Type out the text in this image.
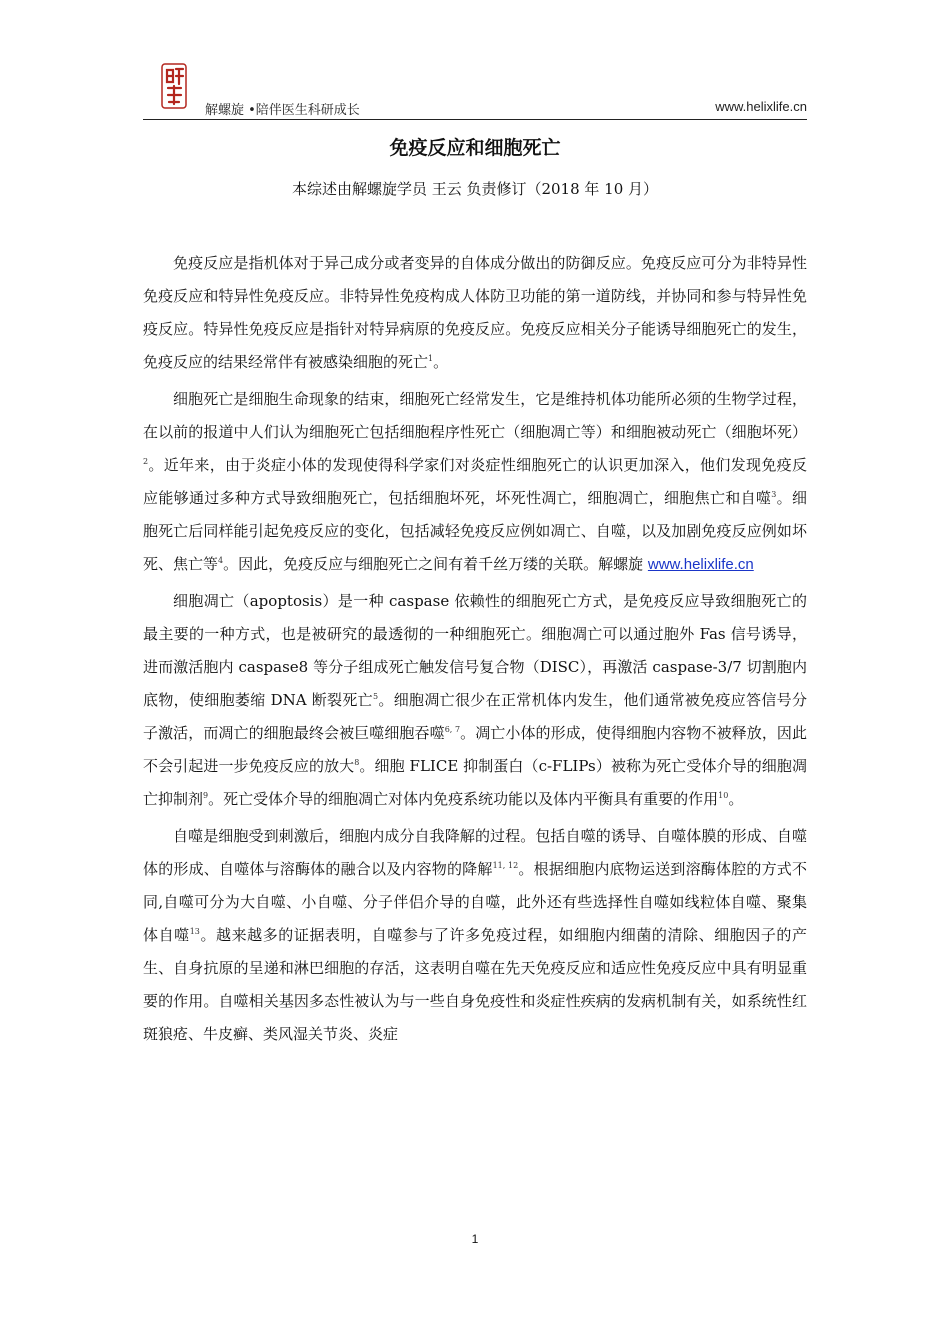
解螺旋 •陪伴医生科研成长	www.helixlife.cn
免疫反应和细胞死亡
本综述由解螺旋学员 王云 负责修订（2018 年 10 月）

免疫反应是指机体对于异己成分或者变异的自体成分做出的防御反应。免疫反应可分为非特异性免疫反应和特异性免疫反应。非特异性免疫构成人体防卫功能的第一道防线，并协同和参与特异性免疫反应。特异性免疫反应是指针对特异病原的免疫反应。免疫反应相关分子能诱导细胞死亡的发生，免疫反应的结果经常伴有被感染细胞的死亡$^1$。

细胞死亡是细胞生命现象的结束，细胞死亡经常发生，它是维持机体功能所必须的生物学过程，在以前的报道中人们认为细胞死亡包括细胞程序性死亡（细胞凋亡等）和细胞被动死亡（细胞坏死）$^2$。近年来，由于炎症小体的发现使得科学家们对炎症性细胞死亡的认识更加深入，他们发现免疫反应能够通过多种方式导致细胞死亡，包括细胞坏死，坏死性凋亡，细胞凋亡，细胞焦亡和自噬$^3$。细胞死亡后同样能引起免疫反应的变化，包括减轻免疫反应例如凋亡、自噬，以及加剧免疫反应例如坏死、焦亡等$^4$。因此，免疫反应与细胞死亡之间有着千丝万缕的关联。解螺旋 www.helixlife.cn

细胞凋亡（apoptosis）是一种 caspase 依赖性的细胞死亡方式，是免疫反应导致细胞死亡的最主要的一种方式，也是被研究的最透彻的一种细胞死亡。细胞凋亡可以通过胞外 Fas 信号诱导，进而激活胞内 caspase8 等分子组成死亡触发信号复合物（DISC），再激活 caspase-3/7 切割胞内底物，使细胞萎缩 DNA 断裂死亡$^5$。细胞凋亡很少在正常机体内发生，他们通常被免疫应答信号分子激活，而凋亡的细胞最终会被巨噬细胞吞噬$^{6, 7}$。凋亡小体的形成，使得细胞内容物不被释放，因此不会引起进一步免疫反应的放大$^8$。细胞 FLICE 抑制蛋白（c-FLIPs）被称为死亡受体介导的细胞凋亡抑制剂$^9$。死亡受体介导的细胞凋亡对体内免疫系统功能以及体内平衡具有重要的作用$^{10}$。

自噬是细胞受到刺激后，细胞内成分自我降解的过程。包括自噬的诱导、自噬体膜的形成、自噬体的形成、自噬体与溶酶体的融合以及内容物的降解$^{11, 12}$。根据细胞内底物运送到溶酶体腔的方式不同,自噬可分为大自噬、小自噬、分子伴侣介导的自噬，此外还有些选择性自噬如线粒体自噬、聚集体自噬$^{13}$。越来越多的证据表明，自噬参与了许多免疫过程，如细胞内细菌的清除、细胞因子的产生、自身抗原的呈递和淋巴细胞的存活，这表明自噬在先天免疫反应和适应性免疫反应中具有明显重要的作用。自噬相关基因多态性被认为与一些自身免疫性和炎症性疾病的发病机制有关，如系统性红斑狼疮、牛皮癣、类风湿关节炎、炎症

1
